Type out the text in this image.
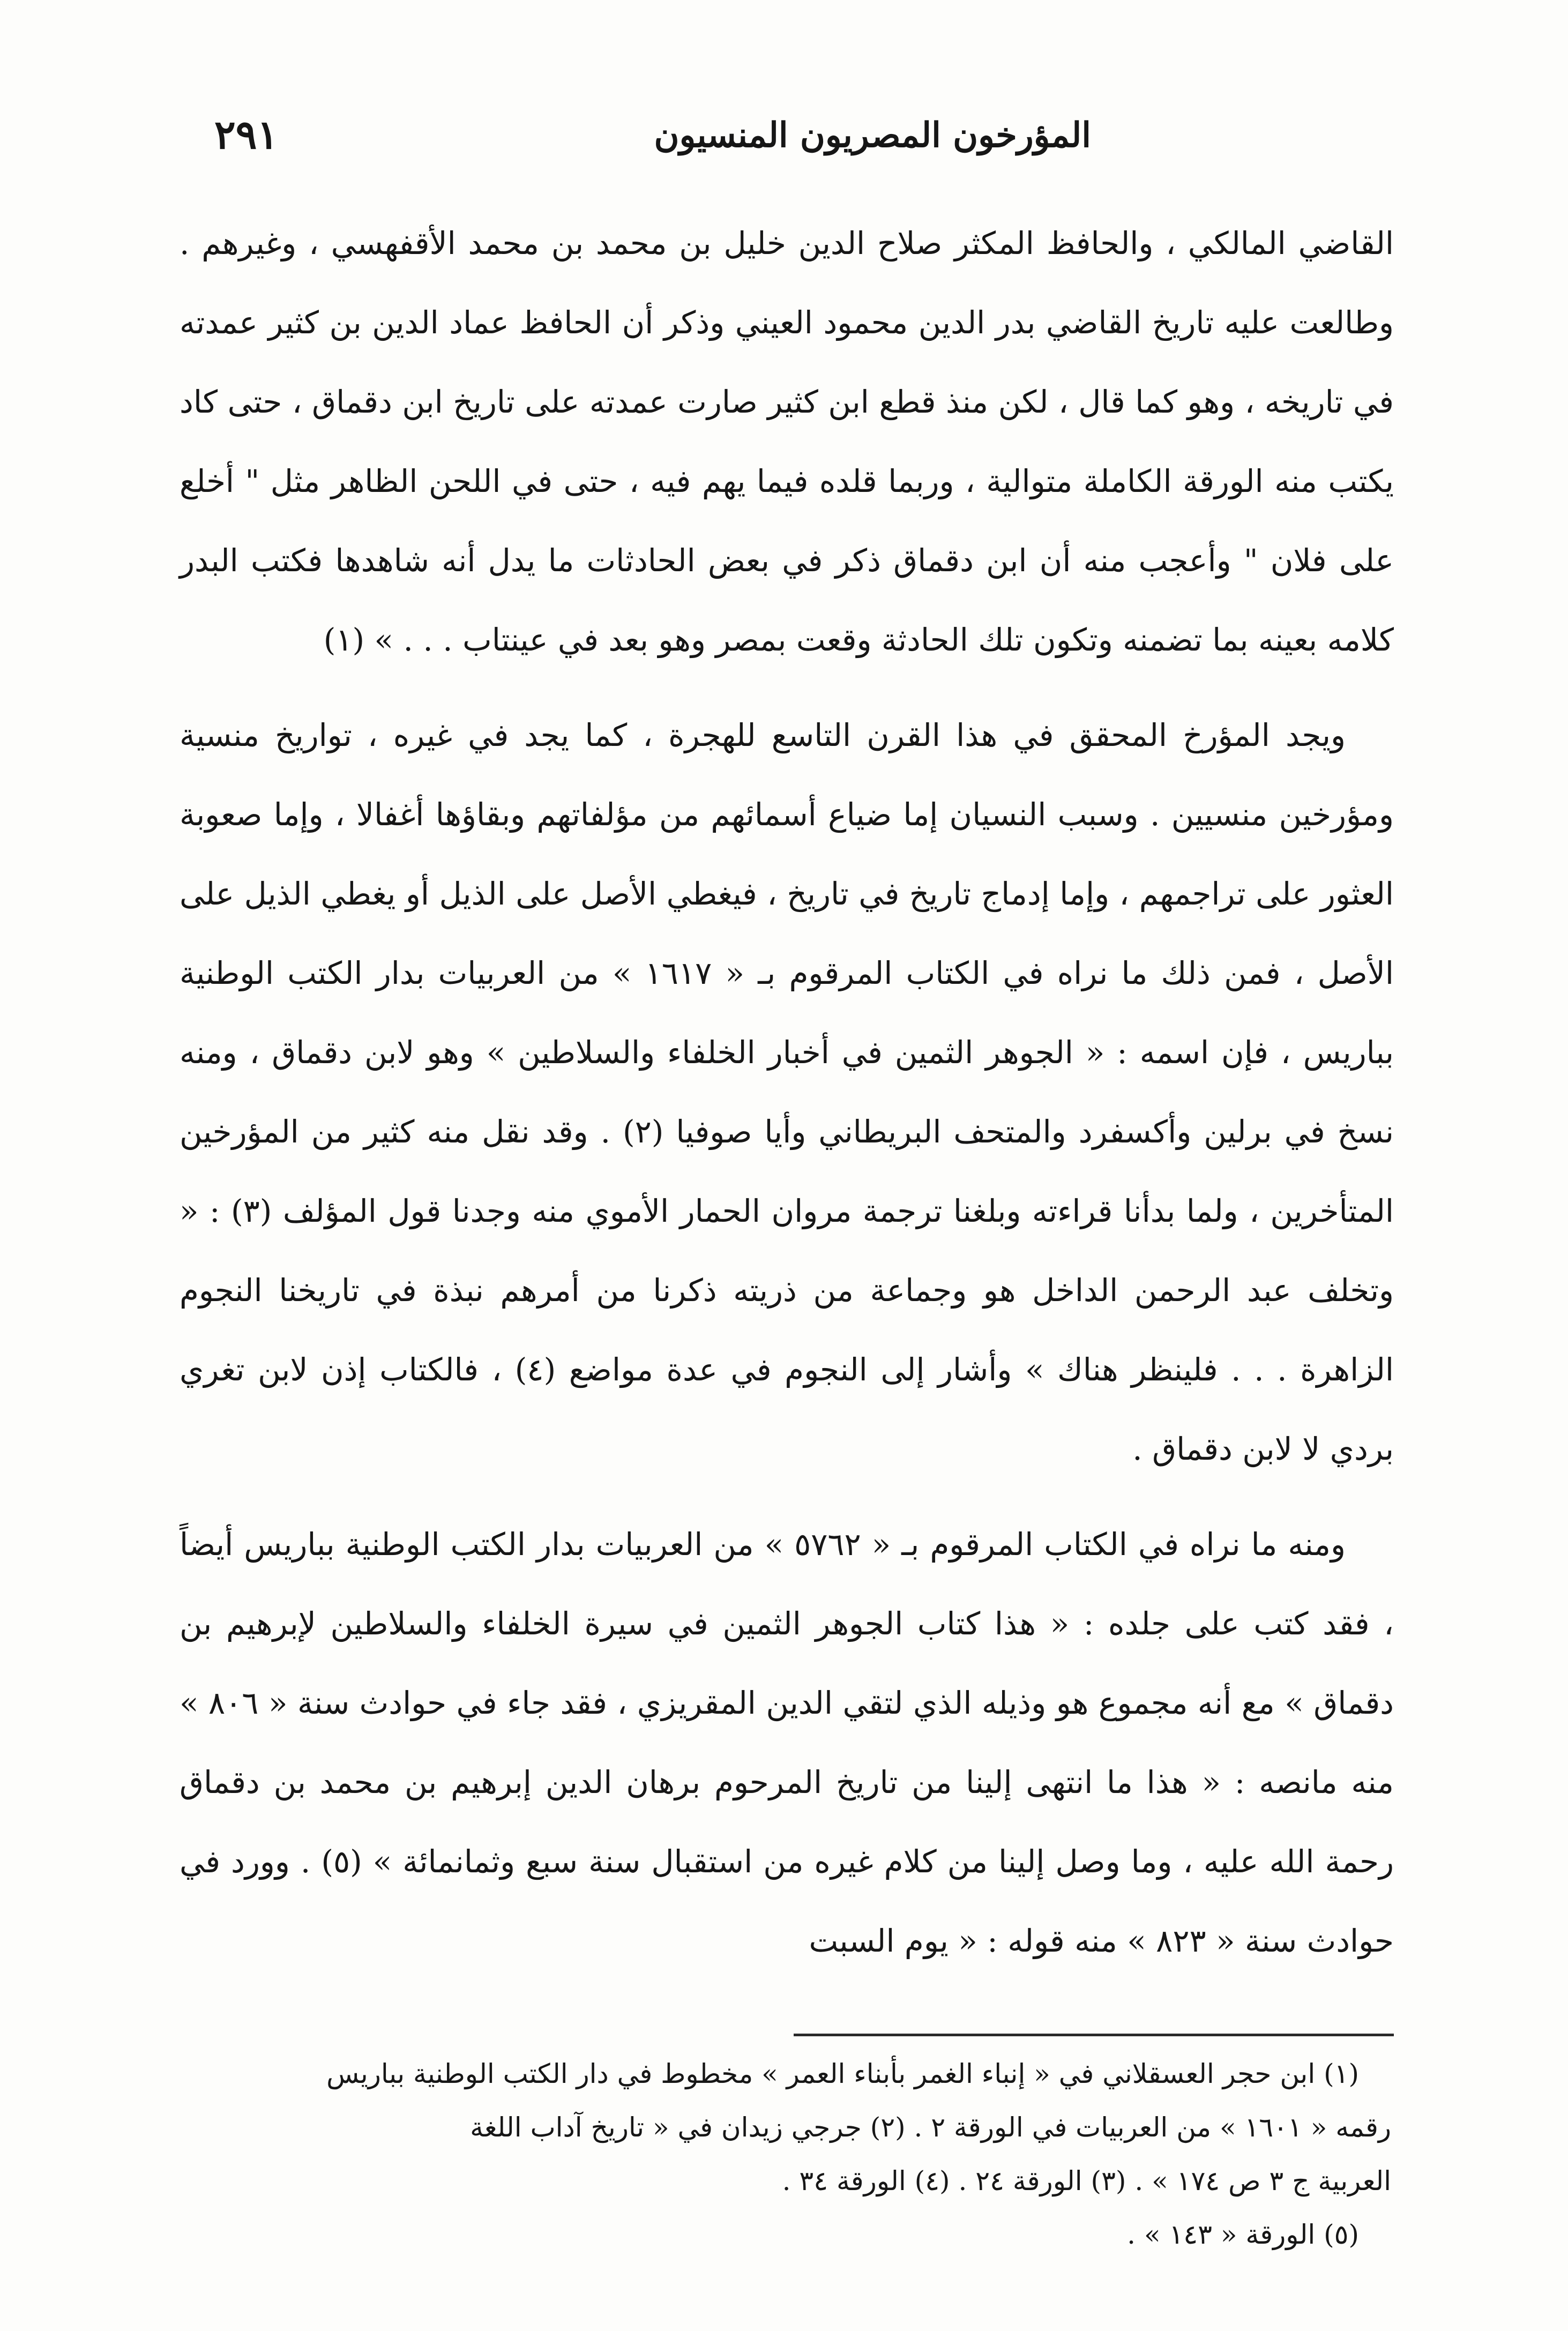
المؤرخون المصريون المنسيون
٢٩١

القاضي المالكي ، والحافظ المكثر صلاح الدين خليل بن محمد بن محمد الأقفهسي ، وغيرهم . وطالعت عليه تاريخ القاضي بدر الدين محمود العيني وذكر أن الحافظ عماد الدين بن كثير عمدته في تاريخه ، وهو كما قال ، لكن منذ قطع ابن كثير صارت عمدته على تاريخ ابن دقماق ، حتى كاد يكتب منه الورقة الكاملة متوالية ، وربما قلده فيما يهم فيه ، حتى في اللحن الظاهر مثل " أخلع على فلان " وأعجب منه أن ابن دقماق ذكر في بعض الحادثات ما يدل أنه شاهدها فكتب البدر كلامه بعينه بما تضمنه وتكون تلك الحادثة وقعت بمصر وهو بعد في عينتاب . . . » (١)

ويجد المؤرخ المحقق في هذا القرن التاسع للهجرة ، كما يجد في غيره ، تواريخ منسية ومؤرخين منسيين . وسبب النسيان إما ضياع أسمائهم من مؤلفاتهم وبقاؤها أغفالا ، وإما صعوبة العثور على تراجمهم ، وإما إدماج تاريخ في تاريخ ، فيغطي الأصل على الذيل أو يغطي الذيل على الأصل ، فمن ذلك ما نراه في الكتاب المرقوم بـ « ١٦١٧ » من العربيات بدار الكتب الوطنية بباريس ، فإن اسمه : « الجوهر الثمين في أخبار الخلفاء والسلاطين » وهو لابن دقماق ، ومنه نسخ في برلين وأكسفرد والمتحف البريطاني وأيا صوفيا (٢) . وقد نقل منه كثير من المؤرخين المتأخرين ، ولما بدأنا قراءته وبلغنا ترجمة مروان الحمار الأموي منه وجدنا قول المؤلف (٣) : « وتخلف عبد الرحمن الداخل هو وجماعة من ذريته ذكرنا من أمرهم نبذة في تاريخنا النجوم الزاهرة . . . فلينظر هناك » وأشار إلى النجوم في عدة مواضع (٤) ، فالكتاب إذن لابن تغري بردي لا لابن دقماق .

ومنه ما نراه في الكتاب المرقوم بـ « ٥٧٦٢ » من العربيات بدار الكتب الوطنية بباريس أيضاً ، فقد كتب على جلده : « هذا كتاب الجوهر الثمين في سيرة الخلفاء والسلاطين لإبرهيم بن دقماق » مع أنه مجموع هو وذيله الذي لتقي الدين المقريزي ، فقد جاء في حوادث سنة « ٨٠٦ » منه مانصه : « هذا ما انتهى إلينا من تاريخ المرحوم برهان الدين إبرهيم بن محمد بن دقماق رحمة الله عليه ، وما وصل إلينا من كلام غيره من استقبال سنة سبع وثمانمائة » (٥) . وورد في حوادث سنة « ٨٢٣ » منه قوله : « يوم السبت

(١) ابن حجر العسقلاني في « إنباء الغمر بأبناء العمر » مخطوط في دار الكتب الوطنية بباريس
رقمه « ١٦٠١ » من العربيات في الورقة ٢ . (٢) جرجي زيدان في « تاريخ آداب اللغة
العربية ج ٣ ص ١٧٤ » . (٣) الورقة ٢٤ . (٤) الورقة ٣٤ .
(٥) الورقة « ١٤٣ » .
